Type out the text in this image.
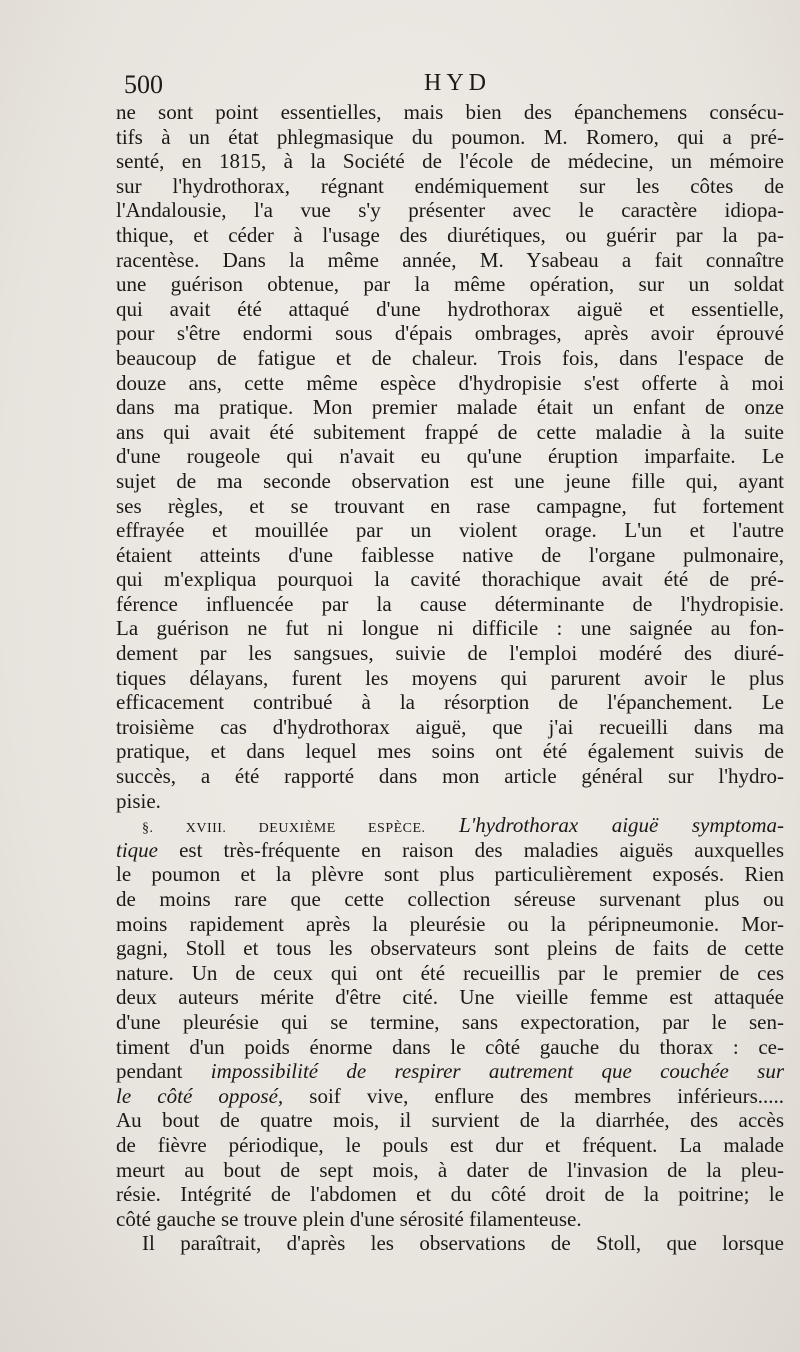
500	HYD
ne sont point essentielles, mais bien des épanchemens consécu-
tifs à un état phlegmasique du poumon. M. Romero, qui a pré-
senté, en 1815, à la Société de l'école de médecine, un mémoire
sur l'hydrothorax, régnant endémiquement sur les côtes de
l'Andalousie, l'a vue s'y présenter avec le caractère idiopa-
thique, et céder à l'usage des diurétiques, ou guérir par la pa-
racentèse. Dans la même année, M. Ysabeau a fait connaître
une guérison obtenue, par la même opération, sur un soldat
qui avait été attaqué d'une hydrothorax aiguë et essentielle,
pour s'être endormi sous d'épais ombrages, après avoir éprouvé
beaucoup de fatigue et de chaleur. Trois fois, dans l'espace de
douze ans, cette même espèce d'hydropisie s'est offerte à moi
dans ma pratique. Mon premier malade était un enfant de onze
ans qui avait été subitement frappé de cette maladie à la suite
d'une rougeole qui n'avait eu qu'une éruption imparfaite. Le
sujet de ma seconde observation est une jeune fille qui, ayant
ses règles, et se trouvant en rase campagne, fut fortement
effrayée et mouillée par un violent orage. L'un et l'autre
étaient atteints d'une faiblesse native de l'organe pulmonaire,
qui m'expliqua pourquoi la cavité thorachique avait été de pré-
férence influencée par la cause déterminante de l'hydropisie.
La guérison ne fut ni longue ni difficile : une saignée au fon-
dement par les sangsues, suivie de l'emploi modéré des diuré-
tiques délayans, furent les moyens qui parurent avoir le plus
efficacement contribué à la résorption de l'épanchement. Le
troisième cas d'hydrothorax aiguë, que j'ai recueilli dans ma
pratique, et dans lequel mes soins ont été également suivis de
succès, a été rapporté dans mon article général sur l'hydro-
pisie.
§. XVIII. DEUXIÈME ESPÈCE. L'hydrothorax aiguë symptoma-
tique est très-fréquente en raison des maladies aiguës auxquelles
le poumon et la plèvre sont plus particulièrement exposés. Rien
de moins rare que cette collection séreuse survenant plus ou
moins rapidement après la pleurésie ou la péripneumonie. Mor-
gagni, Stoll et tous les observateurs sont pleins de faits de cette
nature. Un de ceux qui ont été recueillis par le premier de ces
deux auteurs mérite d'être cité. Une vieille femme est attaquée
d'une pleurésie qui se termine, sans expectoration, par le sen-
timent d'un poids énorme dans le côté gauche du thorax : ce-
pendant impossibilité de respirer autrement que couchée sur
le côté opposé, soif vive, enflure des membres inférieurs.....
Au bout de quatre mois, il survient de la diarrhée, des accès
de fièvre périodique, le pouls est dur et fréquent. La malade
meurt au bout de sept mois, à dater de l'invasion de la pleu-
résie. Intégrité de l'abdomen et du côté droit de la poitrine; le
côté gauche se trouve plein d'une sérosité filamenteuse.
Il paraîtrait, d'après les observations de Stoll, que lorsque
